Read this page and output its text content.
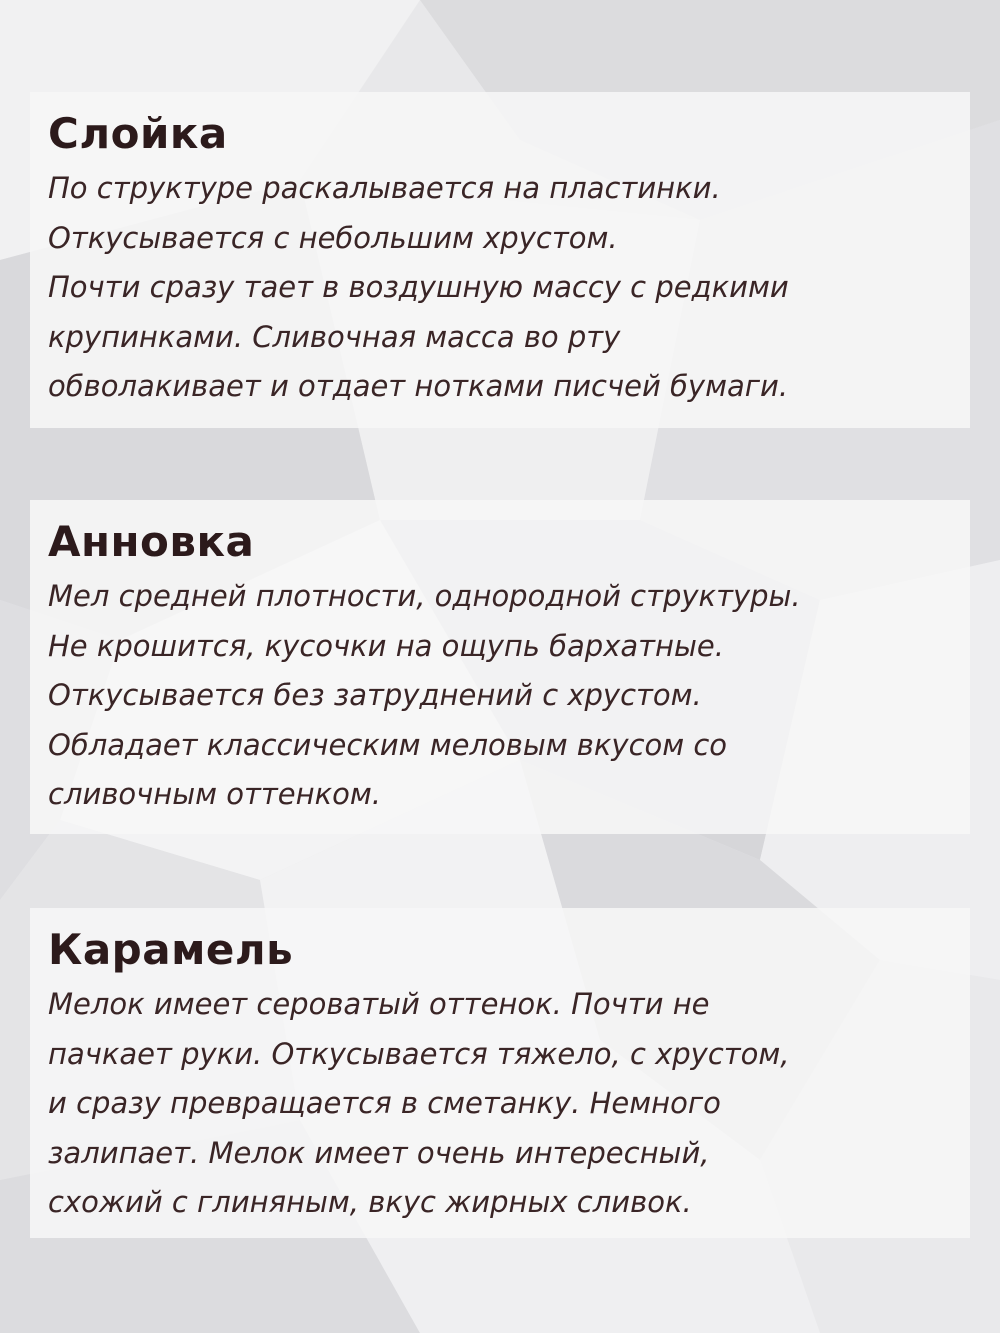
Слойка

По структуре раскалывается на пластинки.
Откусывается с небольшим хрустом.
Почти сразу тает в воздушную массу с редкими
крупинками. Сливочная масса во рту
обволакивает и отдает нотками писчей бумаги.

Анновка

Мел средней плотности, однородной структуры.
Не крошится, кусочки на ощупь бархатные.
Откусывается без затруднений с хрустом.
Обладает классическим меловым вкусом со
сливочным оттенком.

Карамель

Мелок имеет сероватый оттенок. Почти не
пачкает руки. Откусывается тяжело, с хрустом,
и сразу превращается в сметанку. Немного
залипает. Мелок имеет очень интересный,
схожий с глиняным, вкус жирных сливок.
